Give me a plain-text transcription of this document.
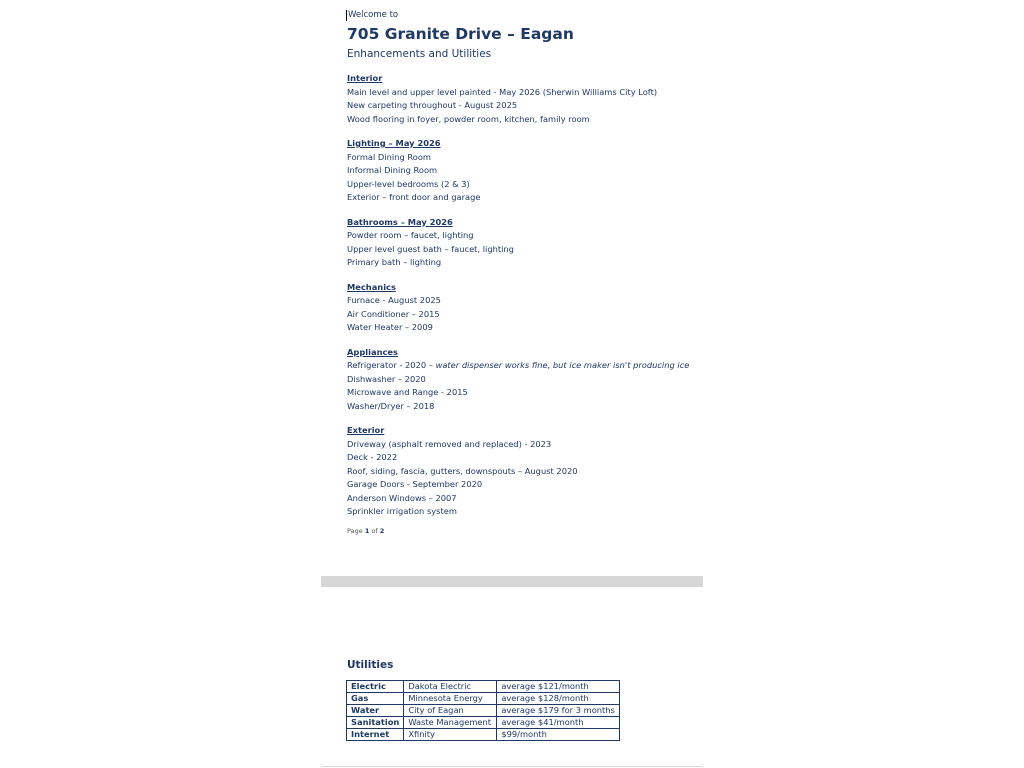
Welcome to
705 Granite Drive – Eagan
Enhancements and Utilities
Interior
Main level and upper level painted - May 2026 (Sherwin Williams City Loft)
New carpeting throughout - August 2025
Wood flooring in foyer, powder room, kitchen, family room
Lighting – May 2026
Formal Dining Room
Informal Dining Room
Upper-level bedrooms (2 & 3)
Exterior – front door and garage
Bathrooms – May 2026
Powder room – faucet, lighting
Upper level guest bath – faucet, lighting
Primary bath – lighting
Mechanics
Furnace - August 2025
Air Conditioner – 2015
Water Heater – 2009
Appliances
Refrigerator - 2020 – water dispenser works fine, but ice maker isn't producing ice
Dishwasher – 2020
Microwave and Range - 2015
Washer/Dryer – 2018
Exterior
Driveway (asphalt removed and replaced) - 2023
Deck - 2022
Roof, siding, fascia, gutters, downspouts – August 2020
Garage Doors - September 2020
Anderson Windows – 2007
Sprinkler irrigation system
Page 1 of 2
Utilities
Electric	Dakota Electric	average $121/month
Gas	Minnesota Energy	average $128/month
Water	City of Eagan	average $179 for 3 months
Sanitation	Waste Management	average $41/month
Internet	Xfinity	$99/month
